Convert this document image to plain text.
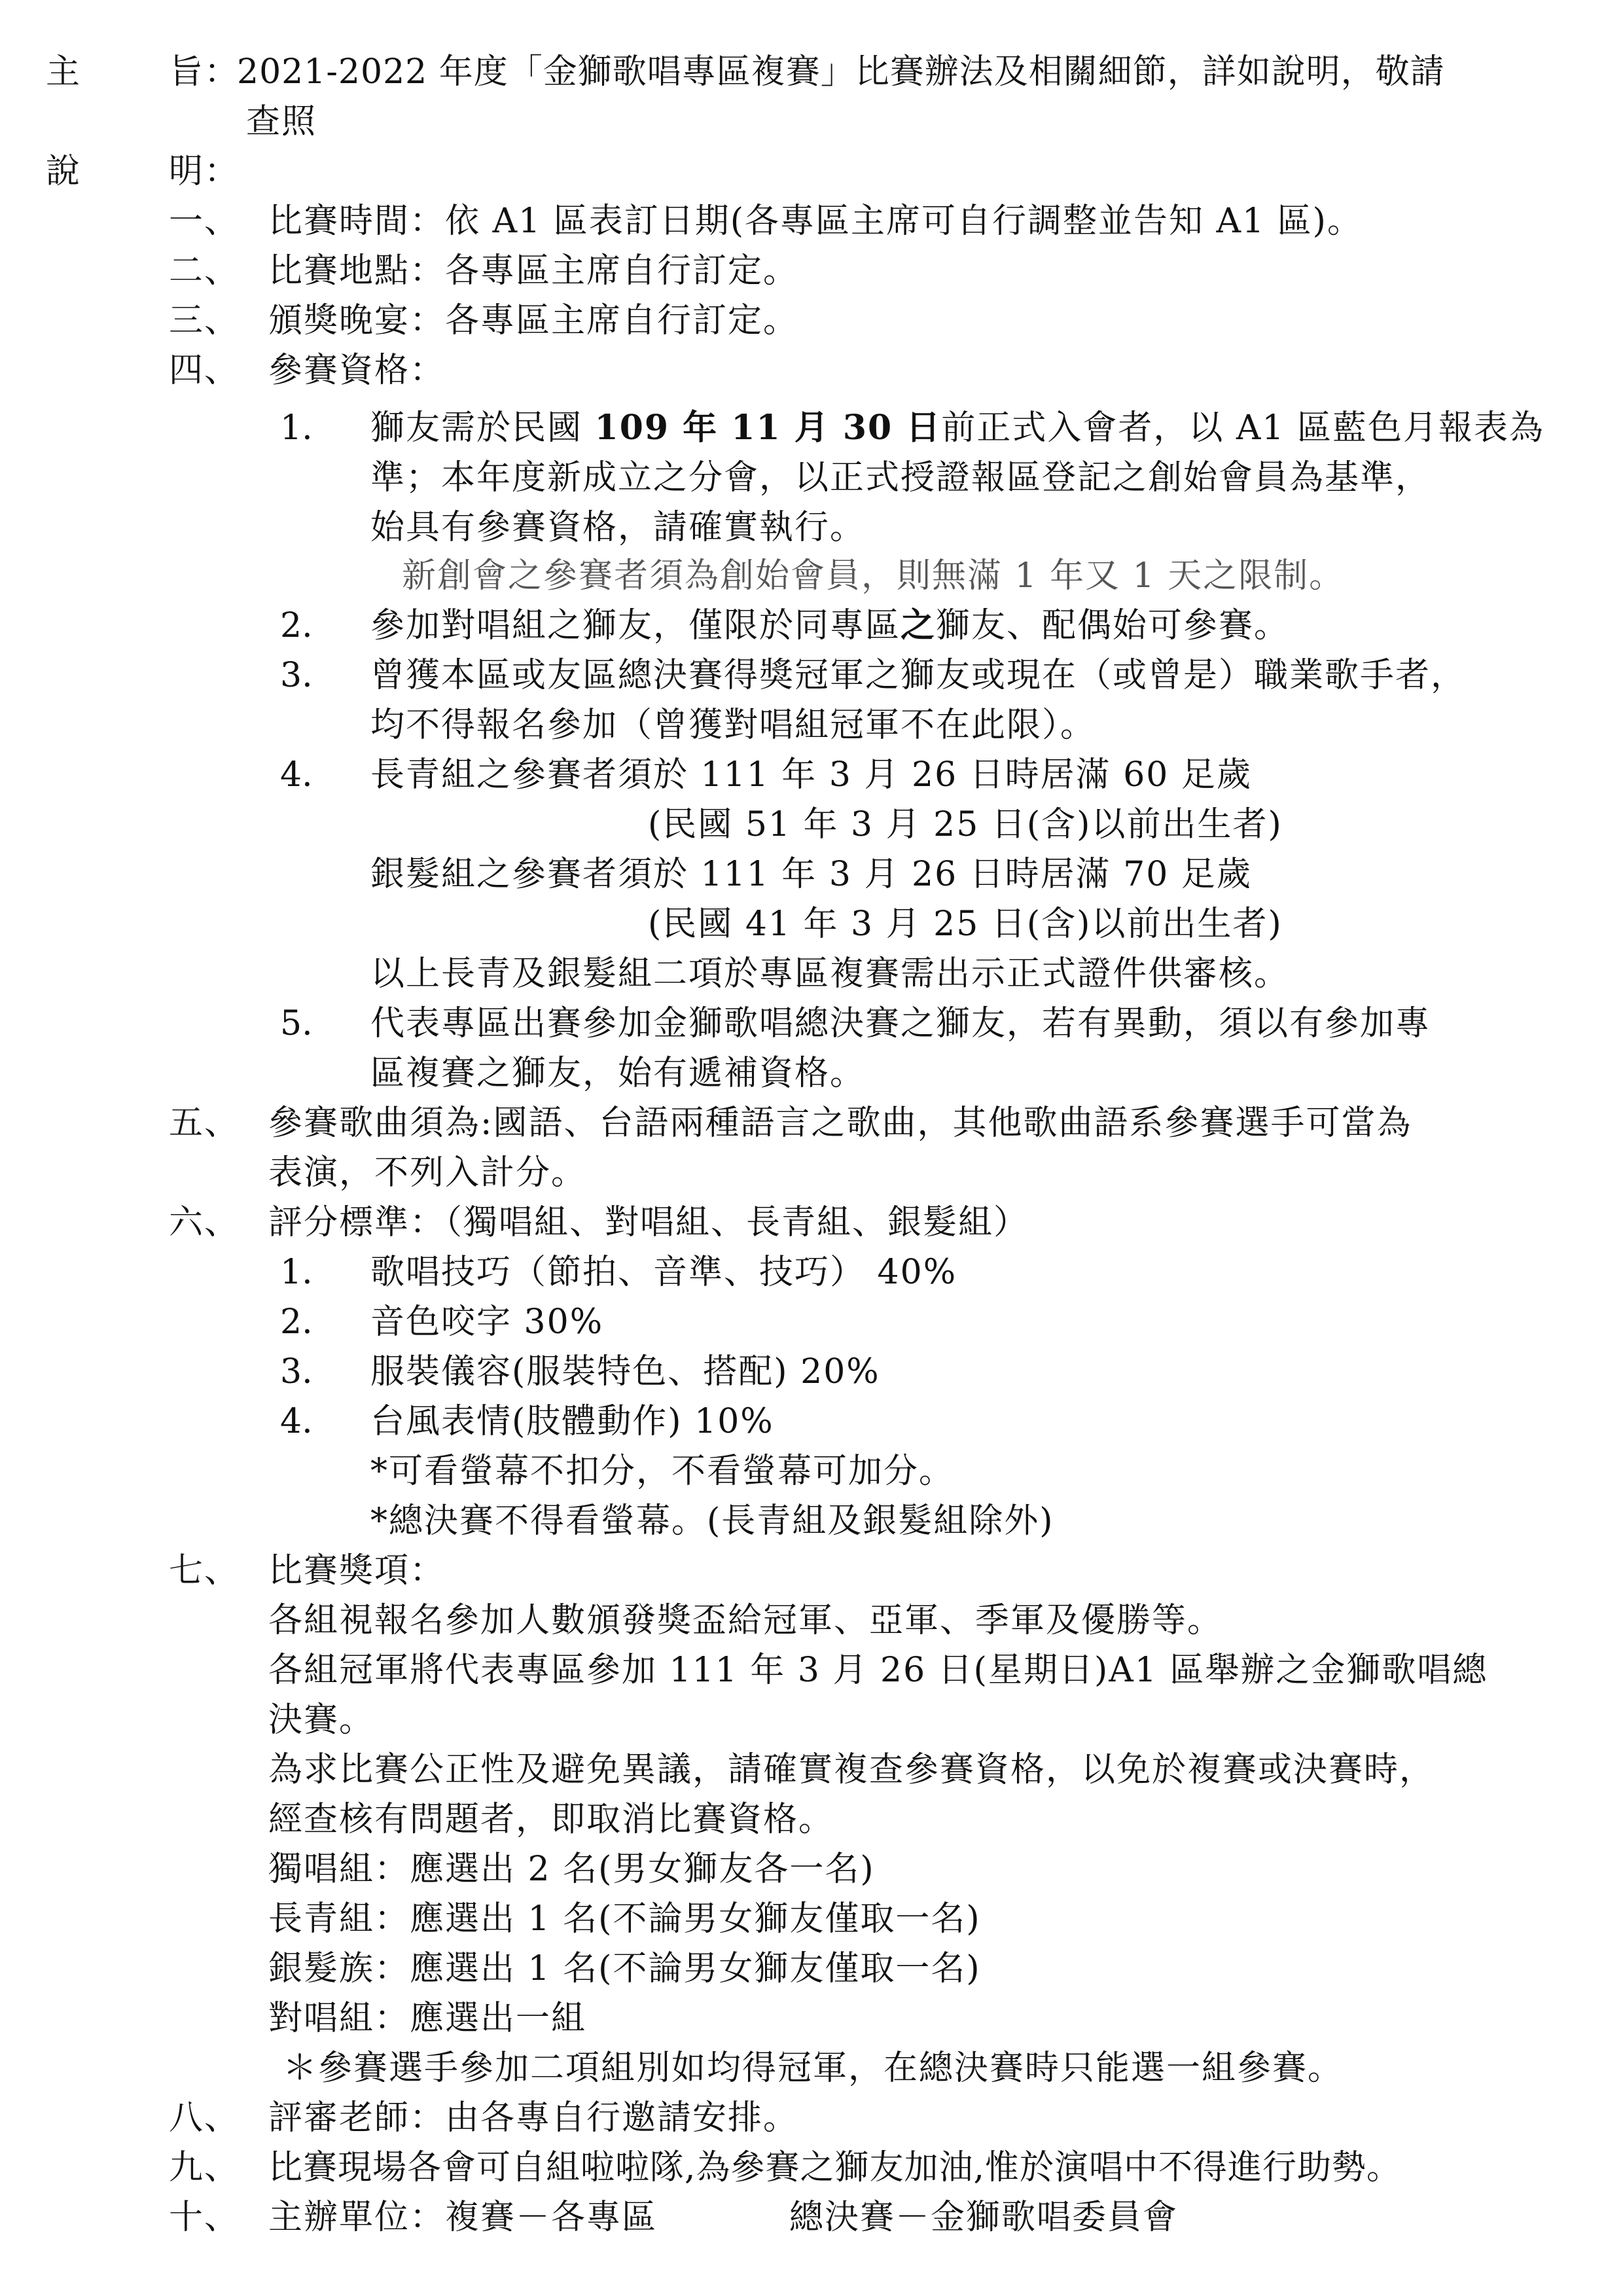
主	旨：
2021-2022 年度「金獅歌唱專區複賽」比賽辦法及相關細節，詳如說明，敬請
查照
說	明：
一、 比賽時間：依 A1 區表訂日期(各專區主席可自行調整並告知 A1 區)。
二、 比賽地點：各專區主席自行訂定。
三、 頒獎晚宴：各專區主席自行訂定。
四、 參賽資格：
1. 獅友需於民國 109 年 11 月 30 日前正式入會者，以 A1 區藍色月報表為
準；本年度新成立之分會，以正式授證報區登記之創始會員為基準，
始具有參賽資格，請確實執行。
新創會之參賽者須為創始會員，則無滿 1 年又 1 天之限制。
2. 參加對唱組之獅友，僅限於同專區之獅友、配偶始可參賽。
3. 曾獲本區或友區總決賽得獎冠軍之獅友或現在（或曾是）職業歌手者，
均不得報名參加（曾獲對唱組冠軍不在此限）。
4. 長青組之參賽者須於 111 年 3 月 26 日時居滿 60 足歲
(民國 51 年 3 月 25 日(含)以前出生者)
銀髮組之參賽者須於 111 年 3 月 26 日時居滿 70 足歲
(民國 41 年 3 月 25 日(含)以前出生者)
以上長青及銀髮組二項於專區複賽需出示正式證件供審核。
5. 代表專區出賽參加金獅歌唱總決賽之獅友，若有異動，須以有參加專
區複賽之獅友，始有遞補資格。
五、 參賽歌曲須為:國語、台語兩種語言之歌曲，其他歌曲語系參賽選手可當為
表演，不列入計分。
六、 評分標準：（獨唱組、對唱組、長青組、銀髮組）
1. 歌唱技巧（節拍、音準、技巧） 40%
2. 音色咬字 30%
3. 服裝儀容(服裝特色、搭配) 20%
4. 台風表情(肢體動作) 10%
*可看螢幕不扣分，不看螢幕可加分。
*總決賽不得看螢幕。(長青組及銀髮組除外)
七、 比賽獎項：
各組視報名參加人數頒發獎盃給冠軍、亞軍、季軍及優勝等。
各組冠軍將代表專區參加 111 年 3 月 26 日(星期日)A1 區舉辦之金獅歌唱總
決賽。
為求比賽公正性及避免異議，請確實複查參賽資格，以免於複賽或決賽時，
經查核有問題者，即取消比賽資格。
獨唱組：應選出 2 名(男女獅友各一名)
長青組：應選出 1 名(不論男女獅友僅取一名)
銀髮族：應選出 1 名(不論男女獅友僅取一名)
對唱組：應選出一組
＊參賽選手參加二項組別如均得冠軍，在總決賽時只能選一組參賽。
八、 評審老師：由各專自行邀請安排。
九、 比賽現場各會可自組啦啦隊,為參賽之獅友加油,惟於演唱中不得進行助勢。
十、 主辦單位：複賽－各專區	總決賽－金獅歌唱委員會
